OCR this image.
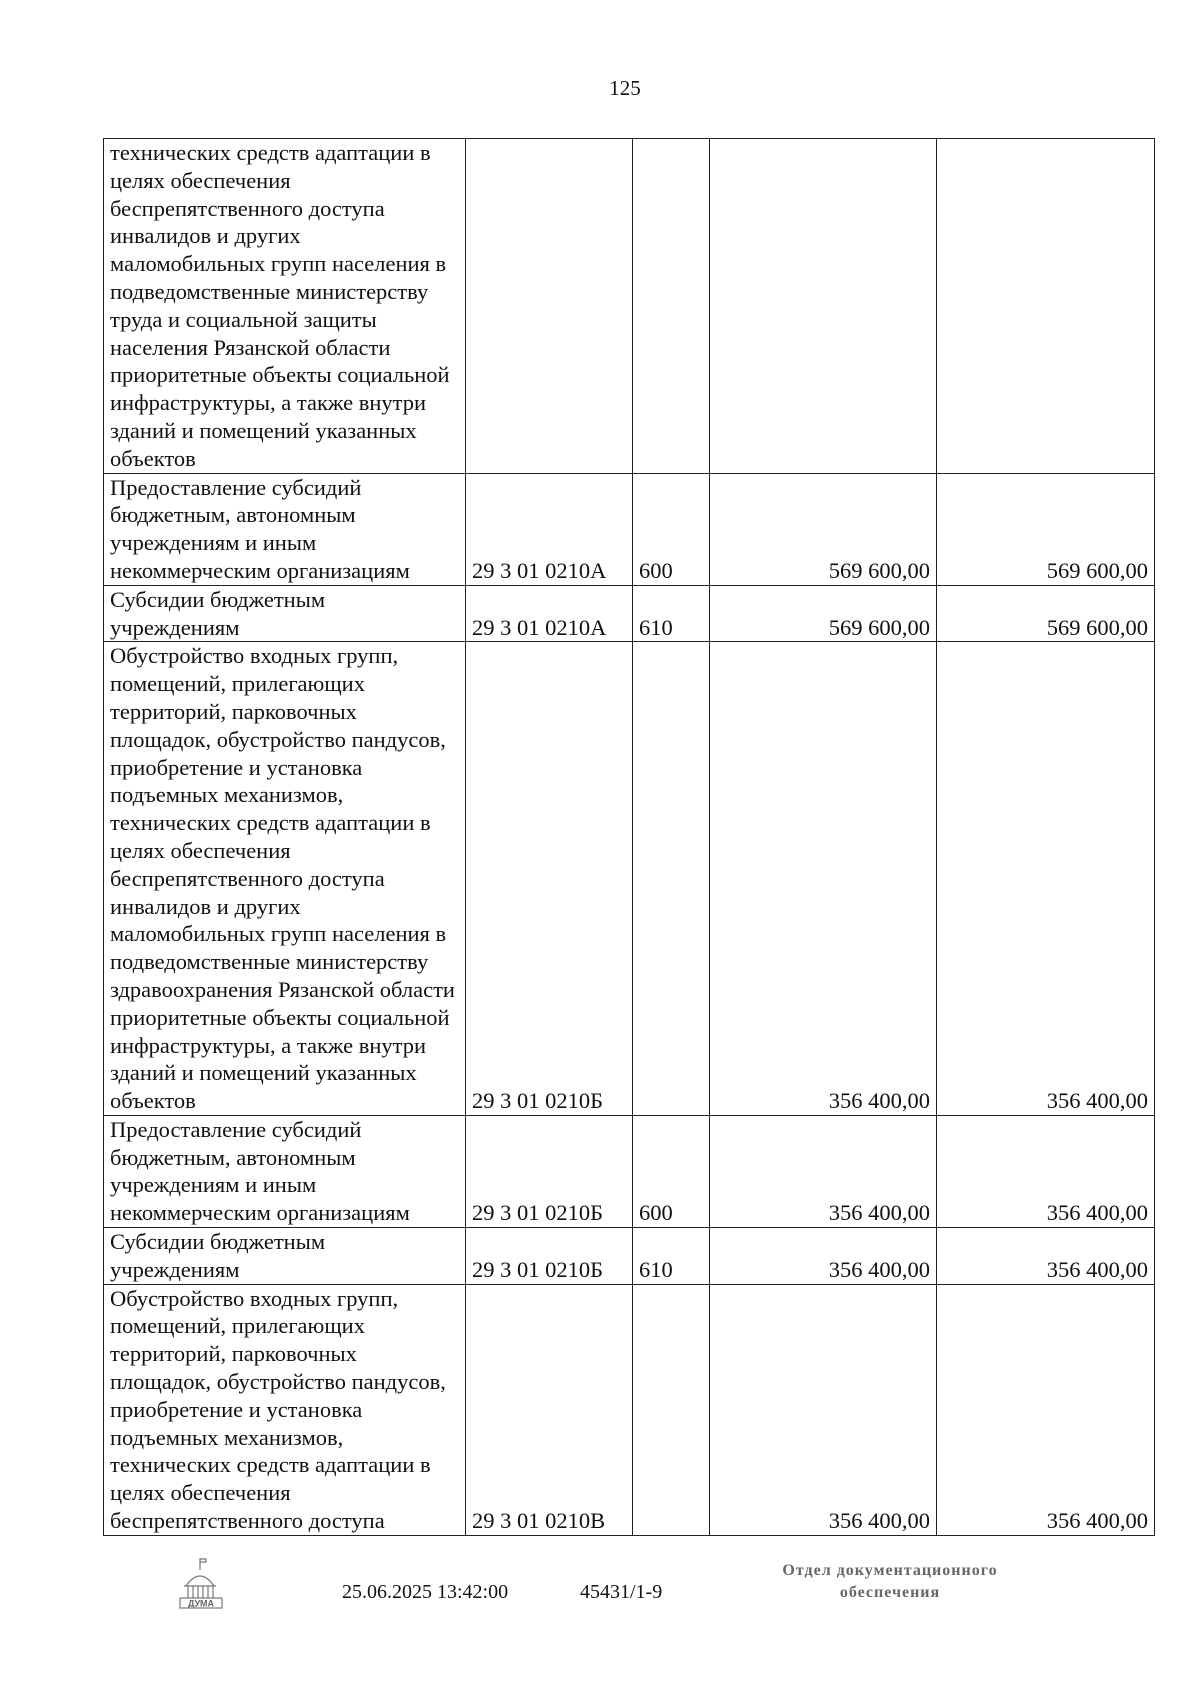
125
технических средств адаптации в целях обеспечения беспрепятственного доступа инвалидов и других маломобильных групп населения в подведомственные министерству труда и социальной защиты населения Рязанской области приоритетные объекты социальной инфраструктуры, а также внутри зданий и помещений указанных объектов				
Предоставление субсидий бюджетным, автономным учреждениям и иным некоммерческим организациям	29 3 01 0210А	600	569 600,00	569 600,00
Субсидии бюджетным учреждениям	29 3 01 0210А	610	569 600,00	569 600,00
Обустройство входных групп, помещений, прилегающих территорий, парковочных площадок, обустройство пандусов, приобретение и установка подъемных механизмов, технических средств адаптации в целях обеспечения беспрепятственного доступа инвалидов и других маломобильных групп населения в подведомственные министерству здравоохранения Рязанской области приоритетные объекты социальной инфраструктуры, а также внутри зданий и помещений указанных объектов	29 3 01 0210Б		356 400,00	356 400,00
Предоставление субсидий бюджетным, автономным учреждениям и иным некоммерческим организациям	29 3 01 0210Б	600	356 400,00	356 400,00
Субсидии бюджетным учреждениям	29 3 01 0210Б	610	356 400,00	356 400,00
Обустройство входных групп, помещений, прилегающих территорий, парковочных площадок, обустройство пандусов, приобретение и установка подъемных механизмов, технических средств адаптации в целях обеспечения беспрепятственного доступа	29 3 01 0210В		356 400,00	356 400,00
ДУМА
25.06.2025 13:42:00	45431/1-9
Отдел документационного
обеспечения
